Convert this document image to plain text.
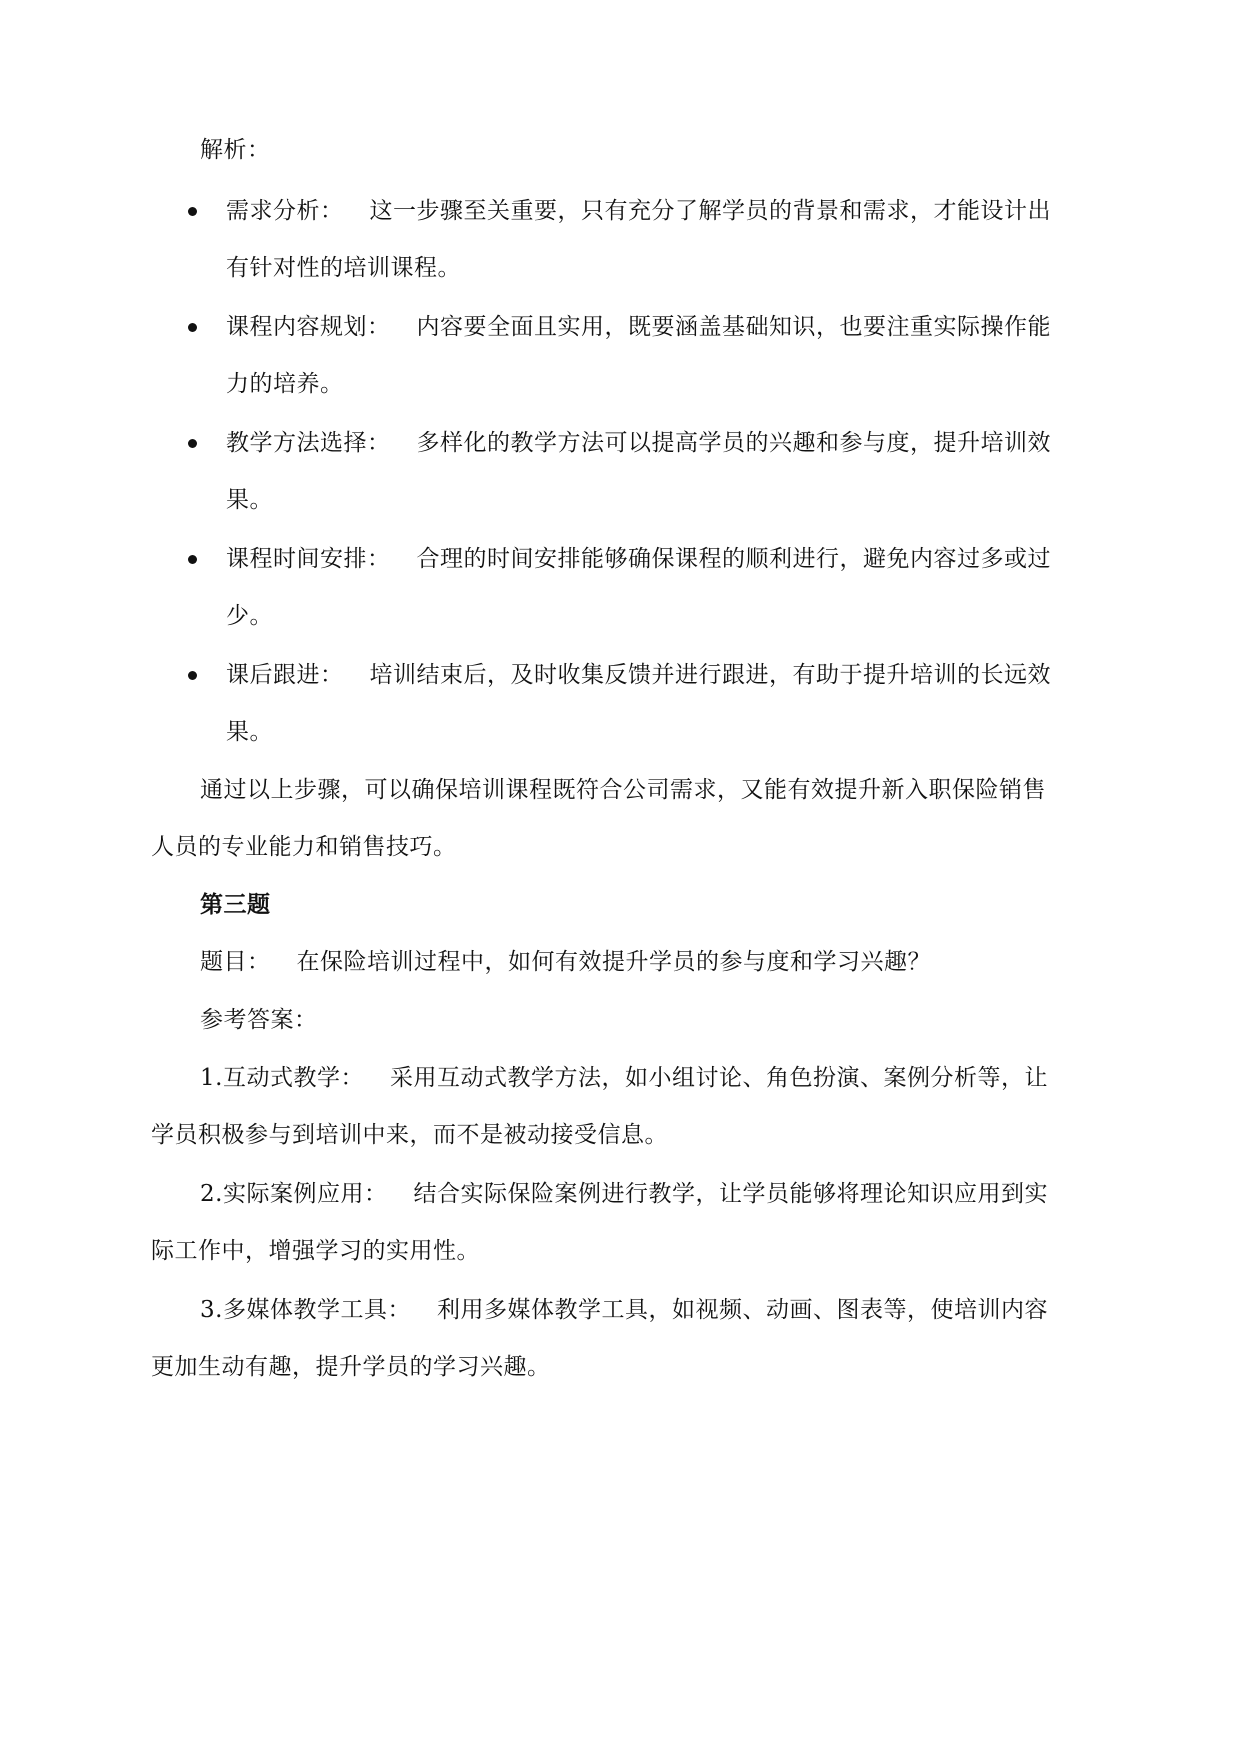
解析：
需求分析： 这一步骤至关重要，只有充分了解学员的背景和需求，才能设计出
有针对性的培训课程。
课程内容规划： 内容要全面且实用，既要涵盖基础知识，也要注重实际操作能
力的培养。
教学方法选择： 多样化的教学方法可以提高学员的兴趣和参与度，提升培训效
果。
课程时间安排： 合理的时间安排能够确保课程的顺利进行，避免内容过多或过
少。
课后跟进： 培训结束后，及时收集反馈并进行跟进，有助于提升培训的长远效
果。
通过以上步骤，可以确保培训课程既符合公司需求，又能有效提升新入职保险销售
人员的专业能力和销售技巧。
第三题
题目： 在保险培训过程中，如何有效提升学员的参与度和学习兴趣？
参考答案：
1.互动式教学： 采用互动式教学方法，如小组讨论、角色扮演、案例分析等，让
学员积极参与到培训中来，而不是被动接受信息。
2.实际案例应用： 结合实际保险案例进行教学，让学员能够将理论知识应用到实
际工作中，增强学习的实用性。
3.多媒体教学工具： 利用多媒体教学工具，如视频、动画、图表等，使培训内容
更加生动有趣，提升学员的学习兴趣。
